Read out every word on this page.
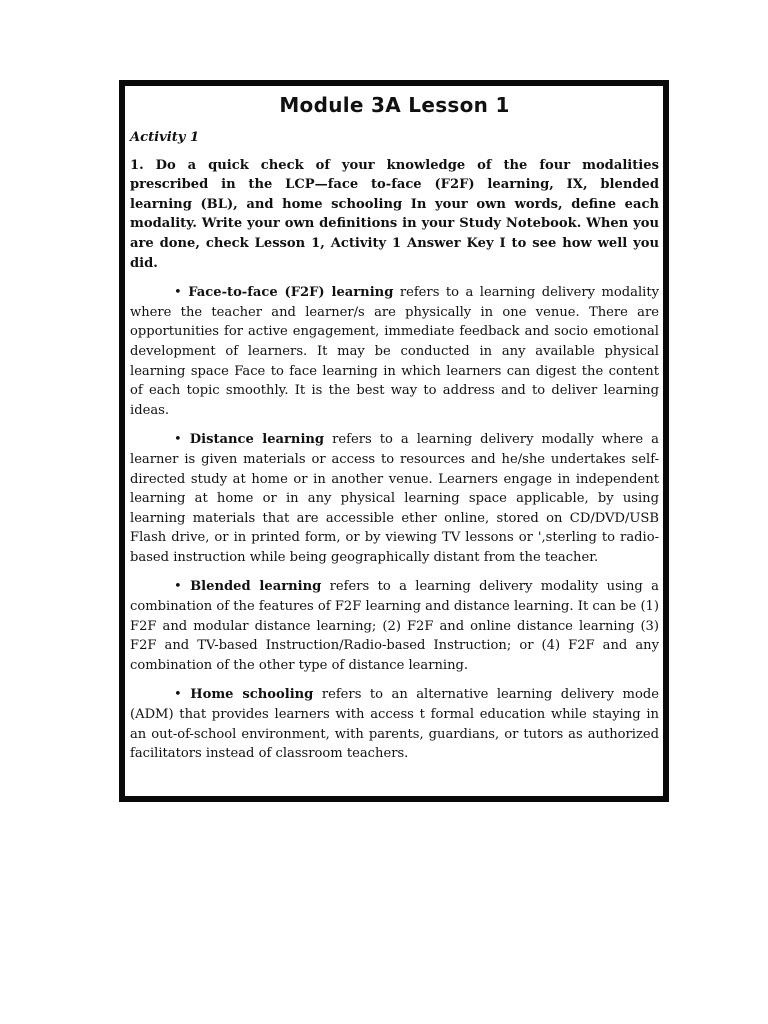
Module 3A Lesson 1
Activity 1
1. Do a quick check of your knowledge of the four modalities prescribed in the LCP—face to-face (F2F) learning, IX, blended learning (BL), and home schooling In your own words, define each modality. Write your own definitions in your Study Notebook. When you are done, check Lesson 1, Activity 1 Answer Key I to see how well you did.
• Face-to-face (F2F) learning refers to a learning delivery modality where the teacher and learner/s are physically in one venue. There are opportunities for active engagement, immediate feedback and socio emotional development of learners. It may be conducted in any available physical learning space Face to face learning in which learners can digest the content of each topic smoothly. It is the best way to address and to deliver learning ideas.
• Distance learning refers to a learning delivery modally where a learner is given materials or access to resources and he/she undertakes self-directed study at home or in another venue. Learners engage in independent learning at home or in any physical learning space applicable, by using learning materials that are accessible ether online, stored on CD/DVD/USB Flash drive, or in printed form, or by viewing TV lessons or ',sterling to radio-based instruction while being geographically distant from the teacher.
• Blended learning refers to a learning delivery modality using a combination of the features of F2F learning and distance learning. It can be (1) F2F and modular distance learning; (2) F2F and online distance learning (3) F2F and TV-based Instruction/Radio-based Instruction; or (4) F2F and any combination of the other type of distance learning.
• Home schooling refers to an alternative learning delivery mode (ADM) that provides learners with access t formal education while staying in an out-of-school environment, with parents, guardians, or tutors as authorized facilitators instead of classroom teachers.
